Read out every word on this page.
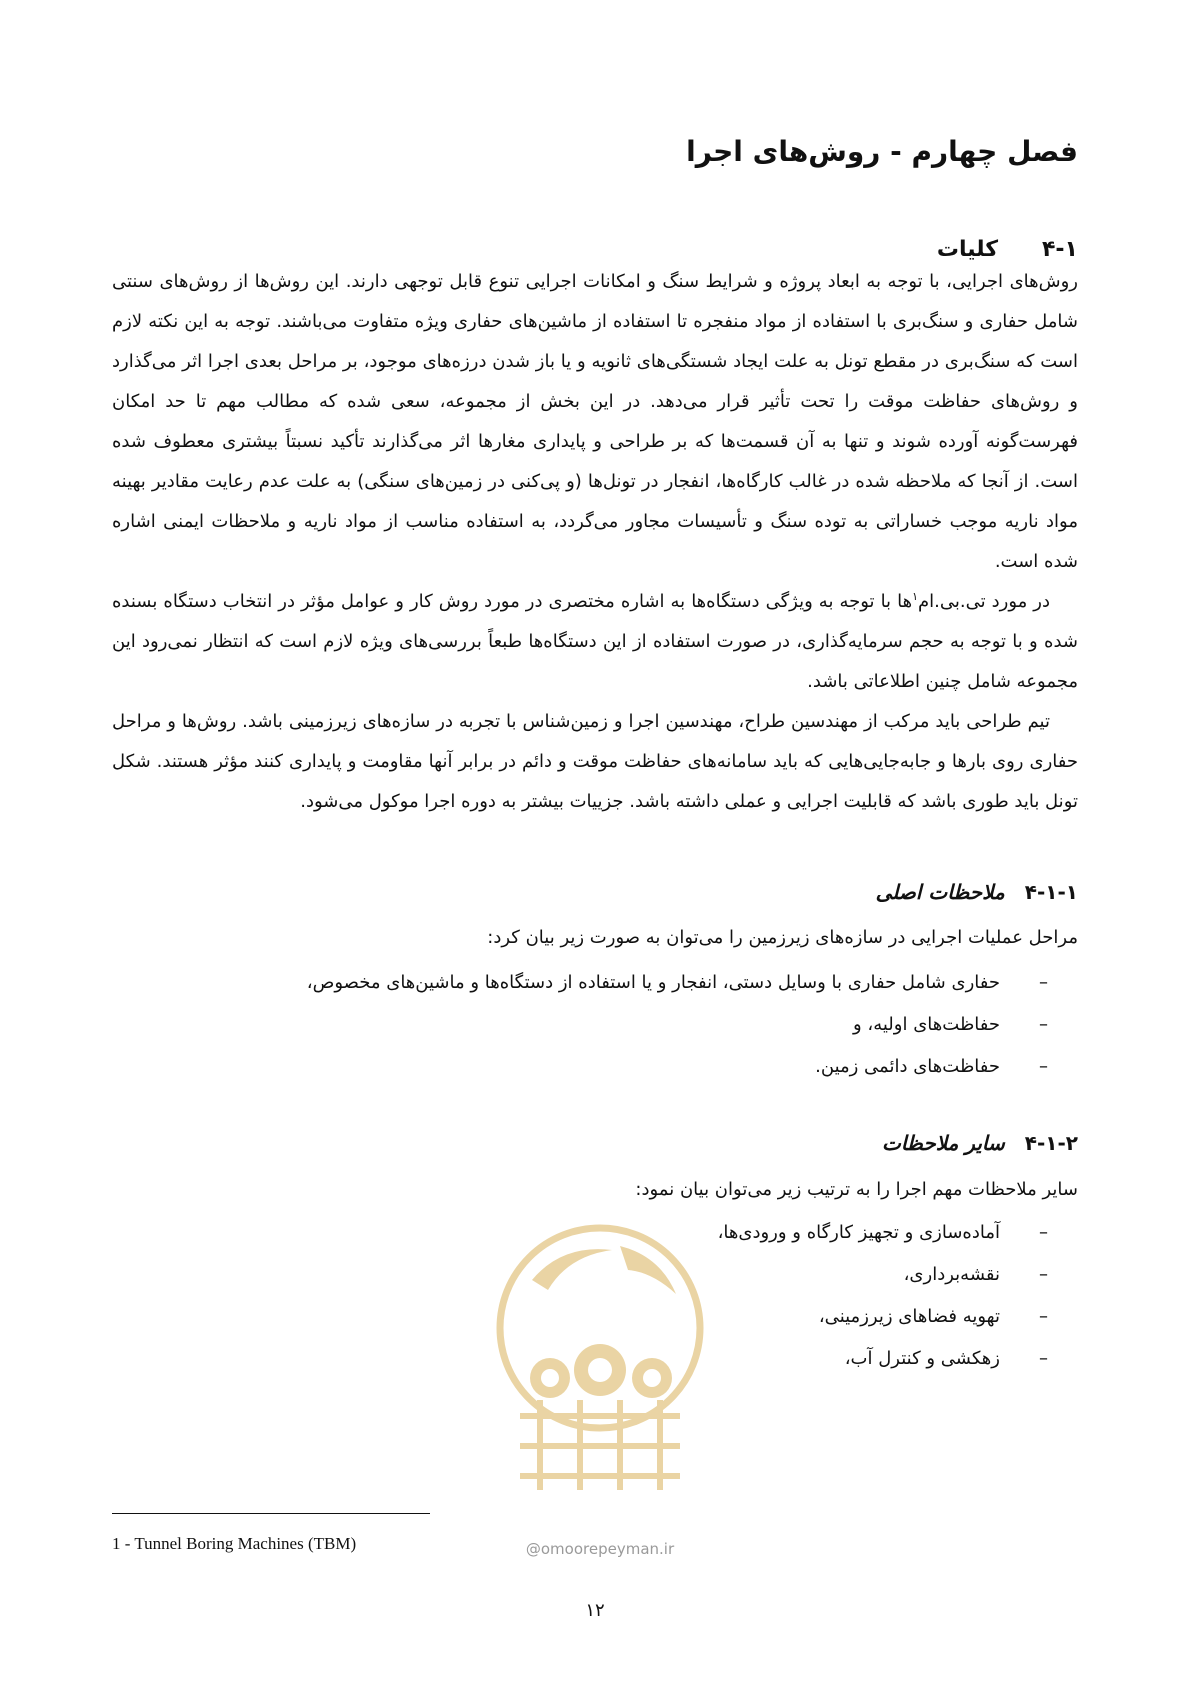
فصل چهارم - روش‌های اجرا
۴-۱کلیات

روش‌های اجرایی، با توجه به ابعاد پروژه و شرایط سنگ و امکانات اجرایی تنوع قابل توجهی دارند. این روش‌ها از روش‌های سنتی شامل حفاری و سنگ‌بری با استفاده از مواد منفجره تا استفاده از ماشین‌های حفاری ویژه متفاوت می‌باشند. توجه به این نکته لازم است که سنگ‌بری در مقطع تونل به علت ایجاد شستگی‌های ثانویه و یا باز شدن درزه‌های موجود، بر مراحل بعدی اجرا اثر می‌گذارد و روش‌های حفاظت موقت را تحت تأثیر قرار می‌دهد. در این بخش از مجموعه، سعی شده که مطالب مهم تا حد امکان فهرست‌گونه آورده شوند و تنها به آن قسمت‌ها که بر طراحی و پایداری مغارها اثر می‌گذارند تأکید نسبتاً بیشتری معطوف شده است. از آنجا که ملاحظه شده در غالب کارگاه‌ها، انفجار در تونل‌ها (و پی‌کنی در زمین‌های سنگی) به علت عدم رعایت مقادیر بهینه مواد ناریه موجب خساراتی به توده سنگ و تأسیسات مجاور می‌گردد، به استفاده مناسب از مواد ناریه و ملاحظات ایمنی اشاره شده است.

در مورد تی.بی.ام$^۱$ها با توجه به ویژگی دستگاه‌ها به اشاره مختصری در مورد روش کار و عوامل مؤثر در انتخاب دستگاه بسنده شده و با توجه به حجم سرمایه‌گذاری، در صورت استفاده از این دستگاه‌ها طبعاً بررسی‌های ویژه لازم است که انتظار نمی‌رود این مجموعه شامل چنین اطلاعاتی باشد.

تیم طراحی باید مرکب از مهندسین طراح، مهندسین اجرا و زمین‌شناس با تجربه در سازه‌های زیرزمینی باشد. روش‌ها و مراحل حفاری روی بارها و جابه‌جایی‌هایی که باید سامانه‌های حفاظت موقت و دائم در برابر آنها مقاومت و پایداری کنند مؤثر هستند. شکل تونل باید طوری باشد که قابلیت اجرایی و عملی داشته باشد. جزییات بیشتر به دوره اجرا موکول می‌شود.

۴-۱-۱ملاحظات اصلی

مراحل عملیات اجرایی در سازه‌های زیرزمین را می‌توان به صورت زیر بیان کرد:

–
حفاری شامل حفاری با وسایل دستی، انفجار و یا استفاده از دستگاه‌ها و ماشین‌های مخصوص،
–
حفاظت‌های اولیه، و
–
حفاظت‌های دائمی زمین.
۴-۱-۲سایر ملاحظات

سایر ملاحظات مهم اجرا را به ترتیب زیر می‌توان بیان نمود:

–
آماده‌سازی و تجهیز کارگاه و ورودی‌ها،
–
نقشه‌برداری،
–
تهویه فضاهای زیرزمینی،
–
زهکشی و کنترل آب،

@omoorepeyman.ir

1 - Tunnel Boring Machines (TBM)

۱۲
